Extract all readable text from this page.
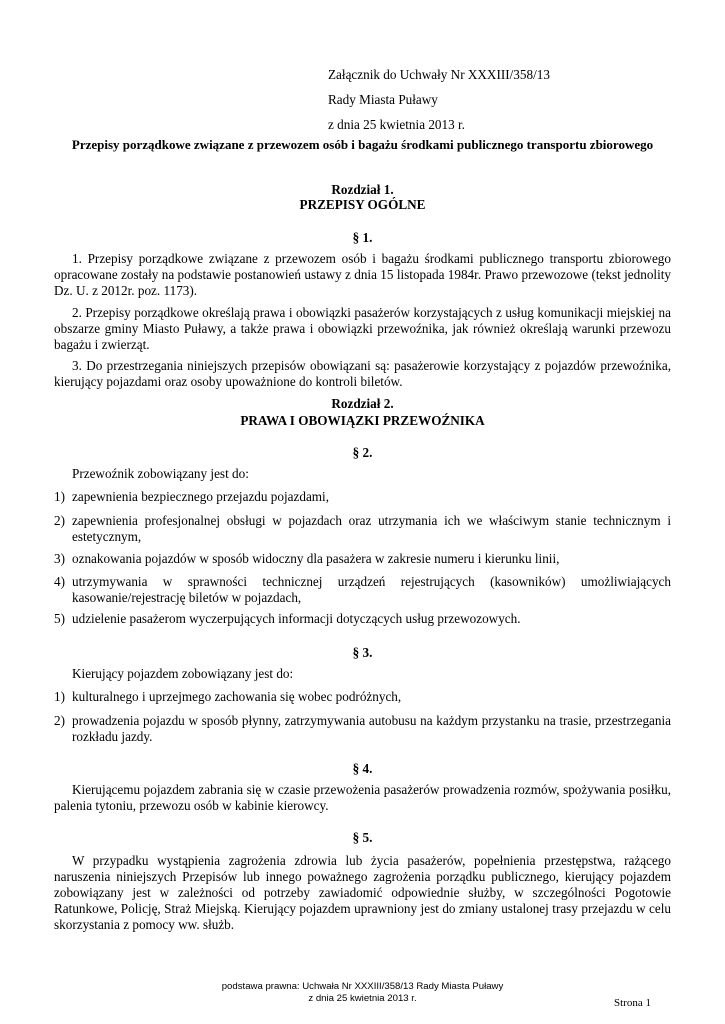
Załącznik do Uchwały Nr XXXIII/358/13
Rady Miasta Puławy
z dnia 25 kwietnia 2013 r.
Przepisy porządkowe związane z przewozem osób i bagażu środkami publicznego transportu zbiorowego
Rozdział 1.
PRZEPISY OGÓLNE
§ 1.
1. Przepisy porządkowe związane z przewozem osób i bagażu środkami publicznego transportu zbiorowego opracowane zostały na podstawie postanowień ustawy z dnia 15 listopada 1984r. Prawo przewozowe (tekst jednolity Dz. U. z 2012r. poz. 1173).
2. Przepisy porządkowe określają prawa i obowiązki pasażerów korzystających z usług komunikacji miejskiej na obszarze gminy Miasto Puławy, a także prawa i obowiązki przewoźnika, jak również określają warunki przewozu bagażu i zwierząt.
3. Do przestrzegania niniejszych przepisów obowiązani są: pasażerowie korzystający z pojazdów przewoźnika, kierujący pojazdami oraz osoby upoważnione do kontroli biletów.
Rozdział 2.
PRAWA I OBOWIĄZKI PRZEWOŹNIKA
§ 2.
Przewoźnik zobowiązany jest do:
1) zapewnienia bezpiecznego przejazdu pojazdami,
2) zapewnienia profesjonalnej obsługi w pojazdach oraz utrzymania ich we właściwym stanie technicznym i estetycznym,
3) oznakowania pojazdów w sposób widoczny dla pasażera w zakresie numeru i kierunku linii,
4) utrzymywania w sprawności technicznej urządzeń rejestrujących (kasowników) umożliwiających kasowanie/rejestrację biletów w pojazdach,
5) udzielenie pasażerom wyczerpujących informacji dotyczących usług przewozowych.
§ 3.
Kierujący pojazdem zobowiązany jest do:
1) kulturalnego i uprzejmego zachowania się wobec podróżnych,
2) prowadzenia pojazdu w sposób płynny, zatrzymywania autobusu na każdym przystanku na trasie, przestrzegania rozkładu jazdy.
§ 4.
Kierującemu pojazdem zabrania się w czasie przewożenia pasażerów prowadzenia rozmów, spożywania posiłku, palenia tytoniu, przewozu osób w kabinie kierowcy.
§ 5.
W przypadku wystąpienia zagrożenia zdrowia lub życia pasażerów, popełnienia przestępstwa, rażącego naruszenia niniejszych Przepisów lub innego poważnego zagrożenia porządku publicznego, kierujący pojazdem zobowiązany jest w zależności od potrzeby zawiadomić odpowiednie służby, w szczególności Pogotowie Ratunkowe, Policję, Straż Miejską. Kierujący pojazdem uprawniony jest do zmiany ustalonej trasy przejazdu w celu skorzystania z pomocy ww. służb.
podstawa prawna: Uchwała Nr XXXIII/358/13 Rady Miasta Puławy
z dnia 25 kwietnia 2013 r.	Strona 1
